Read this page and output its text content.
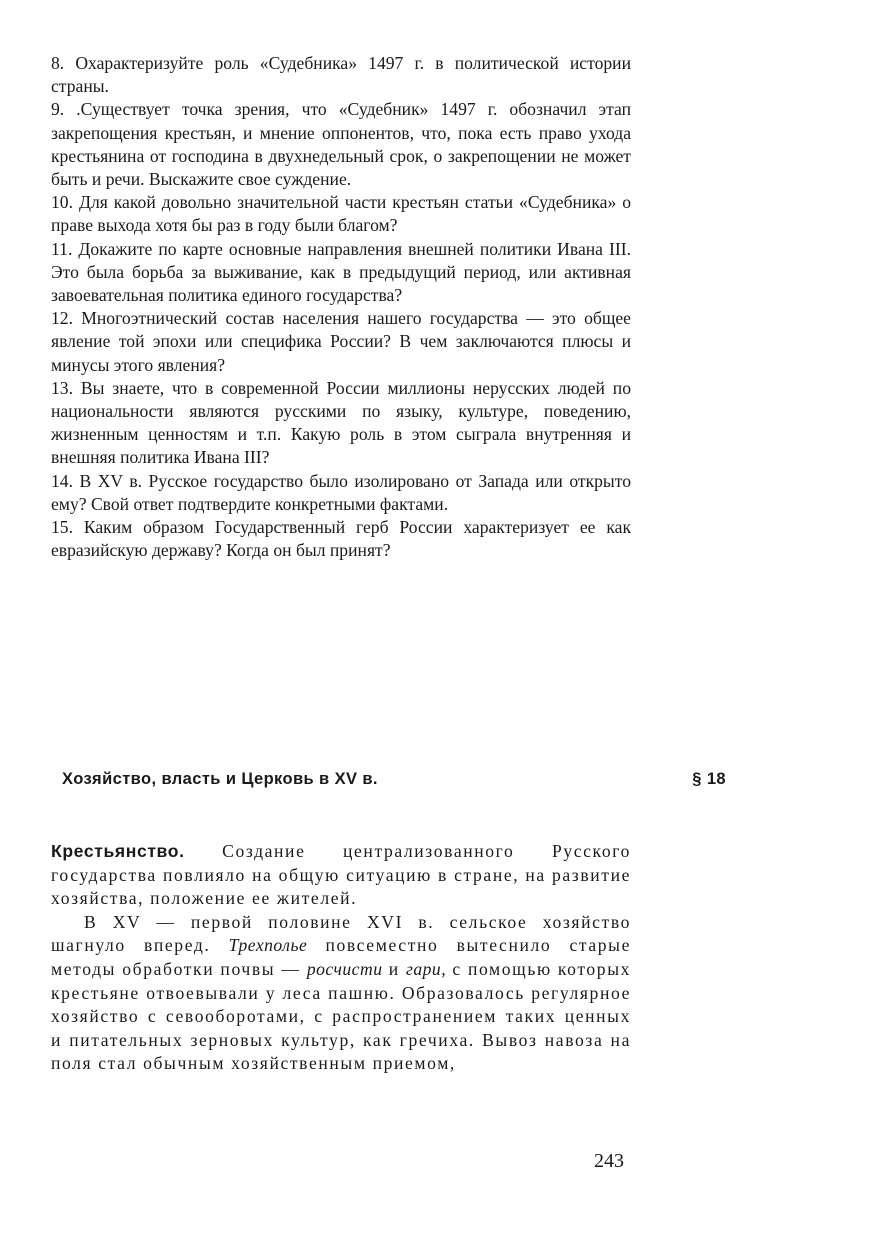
8. Охарактеризуйте роль «Судебника» 1497 г. в политической истории страны.

9. .Существует точка зрения, что «Судебник» 1497 г. обозначил этап закрепощения крестьян, и мнение оппонентов, что, пока есть право ухода крестьянина от господина в двухнедельный срок, о закрепощении не может быть и речи. Выскажите свое суждение.

10. Для какой довольно значительной части крестьян статьи «Судебника» о праве выхода хотя бы раз в году были благом?

11. Докажите по карте основные направления внешней политики Ивана III. Это была борьба за выживание, как в предыдущий период, или активная завоевательная политика единого государства?

12. Многоэтнический состав населения нашего государства — это общее явление той эпохи или специфика России? В чем заключаются плюсы и минусы этого явления?

13. Вы знаете, что в современной России миллионы нерусских людей по национальности являются русскими по языку, культуре, поведению, жизненным ценностям и т.п. Какую роль в этом сыграла внутренняя и внешняя политика Ивана III?

14. В XV в. Русское государство было изолировано от Запада или открыто ему? Свой ответ подтвердите конкретными фактами.

15. Каким образом Государственный герб России характеризует ее как евразийскую державу? Когда он был принят?

Хозяйство, власть и Церковь в XV в.	§ 18

Крестьянство. Создание централизованного Русского государства повлияло на общую ситуацию в стране, на развитие хозяйства, положение ее жителей.

В XV — первой половине XVI в. сельское хозяйство шагнуло вперед. Трехполье повсеместно вытеснило старые методы обработки почвы — росчисти и гари, с помощью которых крестьяне отвоевывали у леса пашню. Образовалось регулярное хозяйство с севооборотами, с распространением таких ценных и питательных зерновых культур, как гречиха. Вывоз навоза на поля стал обычным хозяйственным приемом,

243
